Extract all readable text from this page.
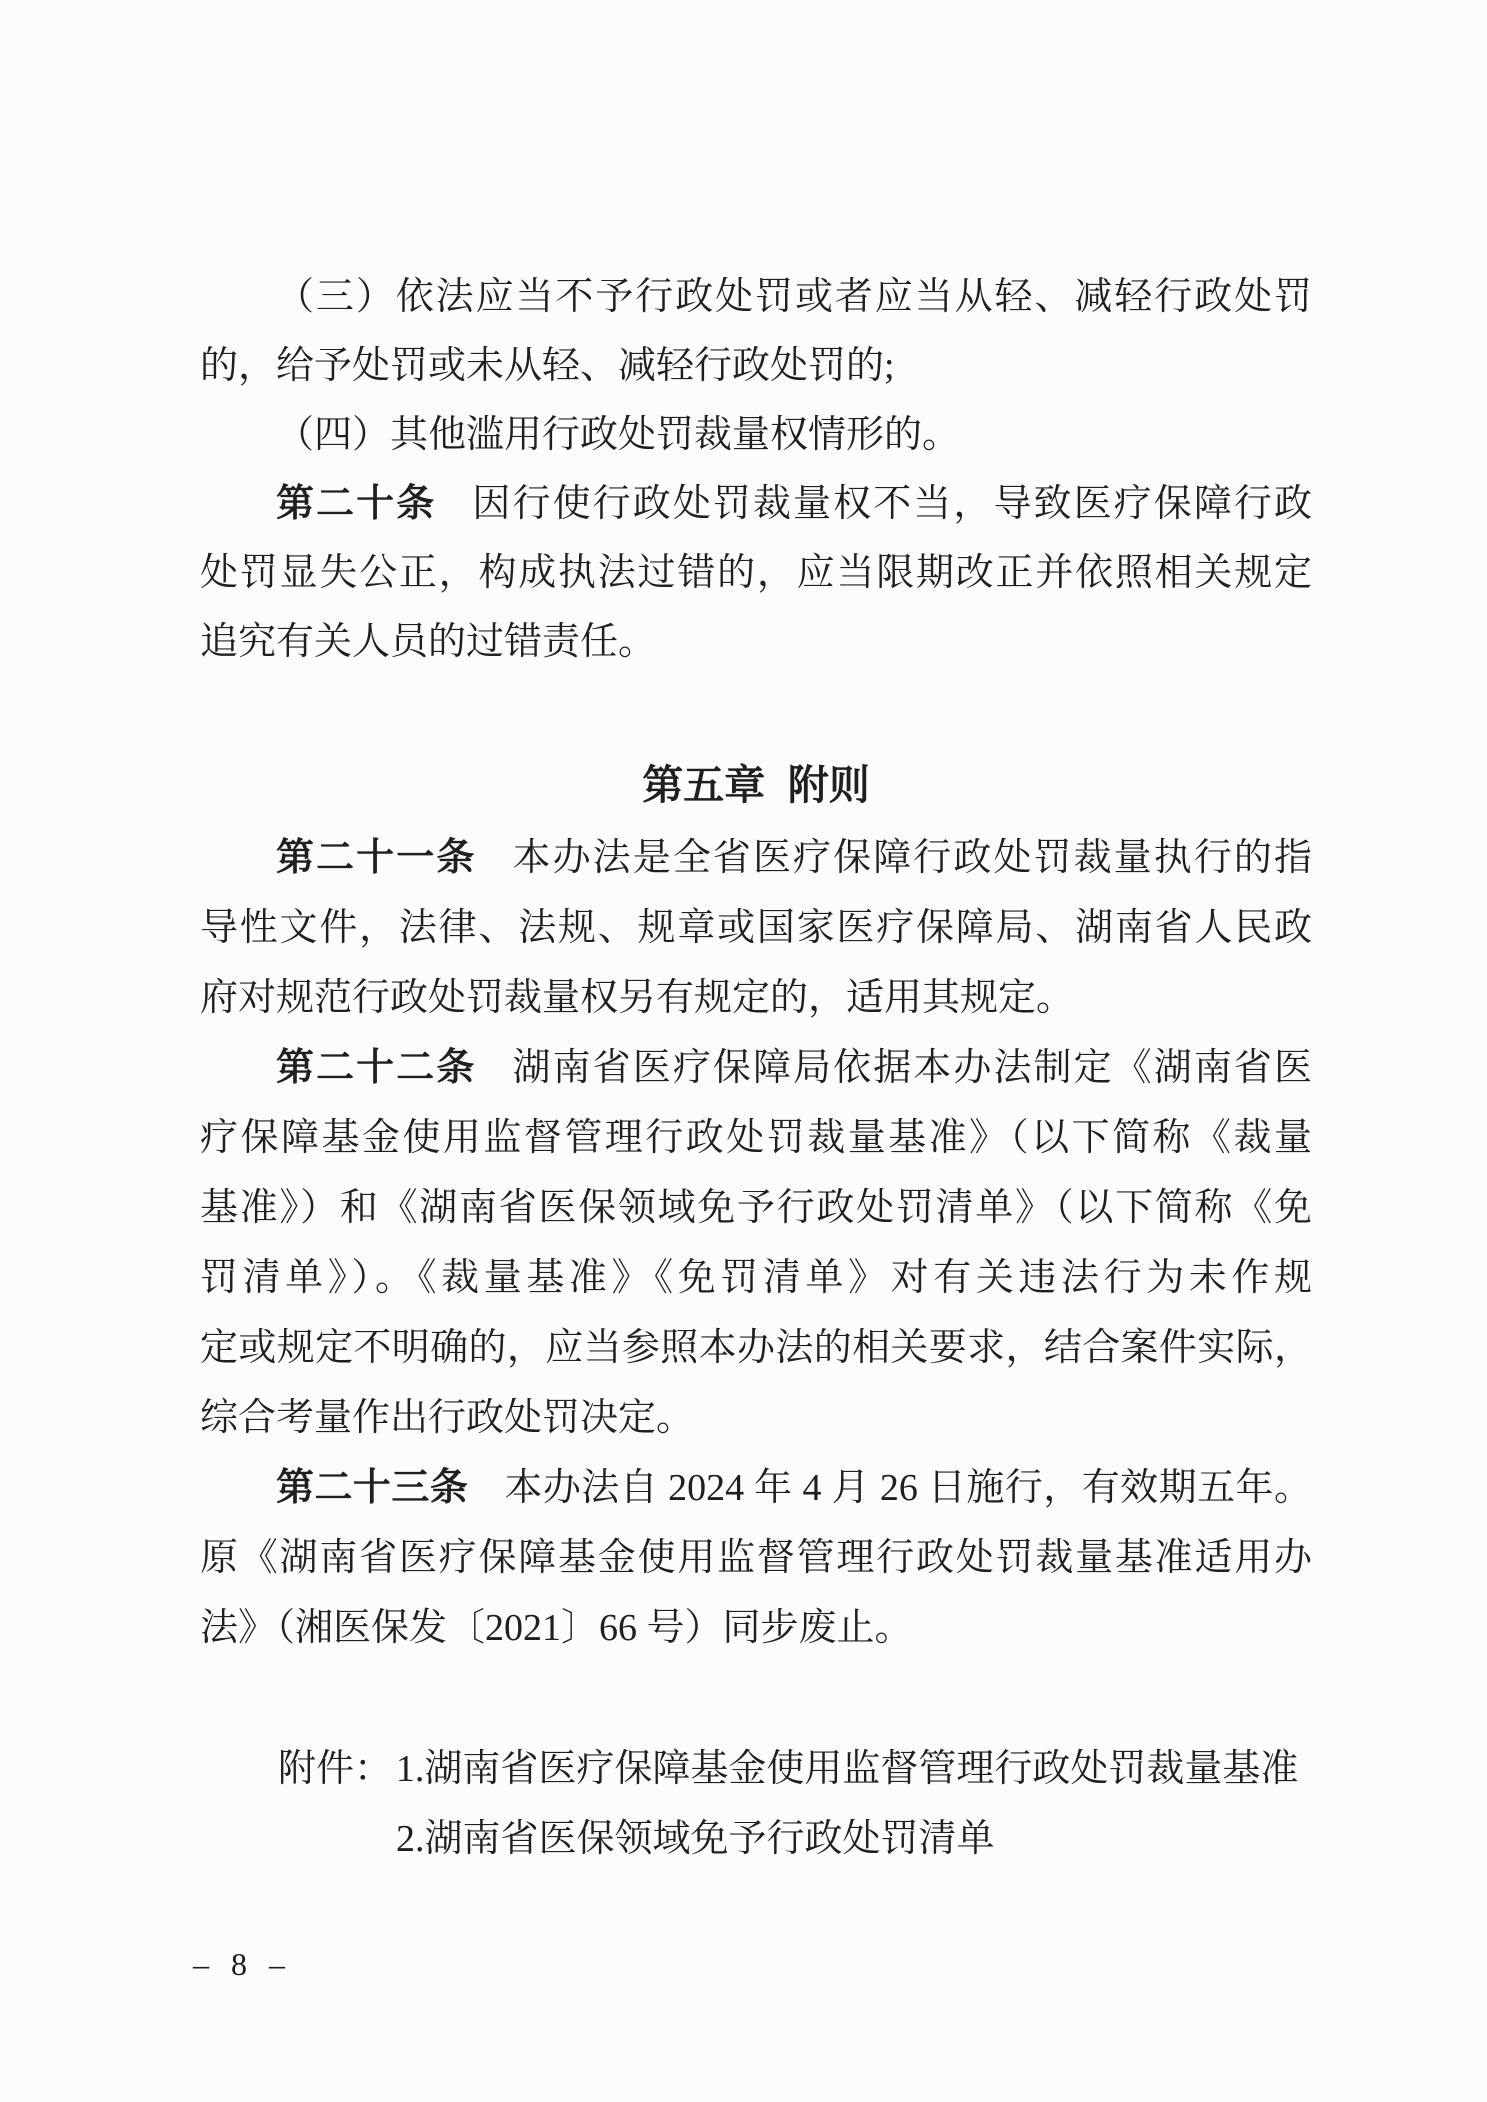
（三）依法应当不予行政处罚或者应当从轻、减轻行政处罚
的，给予处罚或未从轻、减轻行政处罚的;
（四）其他滥用行政处罚裁量权情形的。
第二十条 因行使行政处罚裁量权不当，导致医疗保障行政
处罚显失公正，构成执法过错的，应当限期改正并依照相关规定
追究有关人员的过错责任。
第五章 附则
第二十一条 本办法是全省医疗保障行政处罚裁量执行的指
导性文件，法律、法规、规章或国家医疗保障局、湖南省人民政
府对规范行政处罚裁量权另有规定的，适用其规定。
第二十二条 湖南省医疗保障局依据本办法制定《湖南省医
疗保障基金使用监督管理行政处罚裁量基准》（以下简称《裁量
基准》）和《湖南省医保领域免予行政处罚清单》（以下简称《免
罚清单》）。《裁量基准》《免罚清单》对有关违法行为未作规
定或规定不明确的，应当参照本办法的相关要求，结合案件实际，
综合考量作出行政处罚决定。
第二十三条 本办法自 2024 年 4 月 26 日施行，有效期五年。
原《湖南省医疗保障基金使用监督管理行政处罚裁量基准适用办
法》（湘医保发〔2021〕66 号）同步废止。
附件：1.湖南省医疗保障基金使用监督管理行政处罚裁量基准
2.湖南省医保领域免予行政处罚清单
– 8 –
